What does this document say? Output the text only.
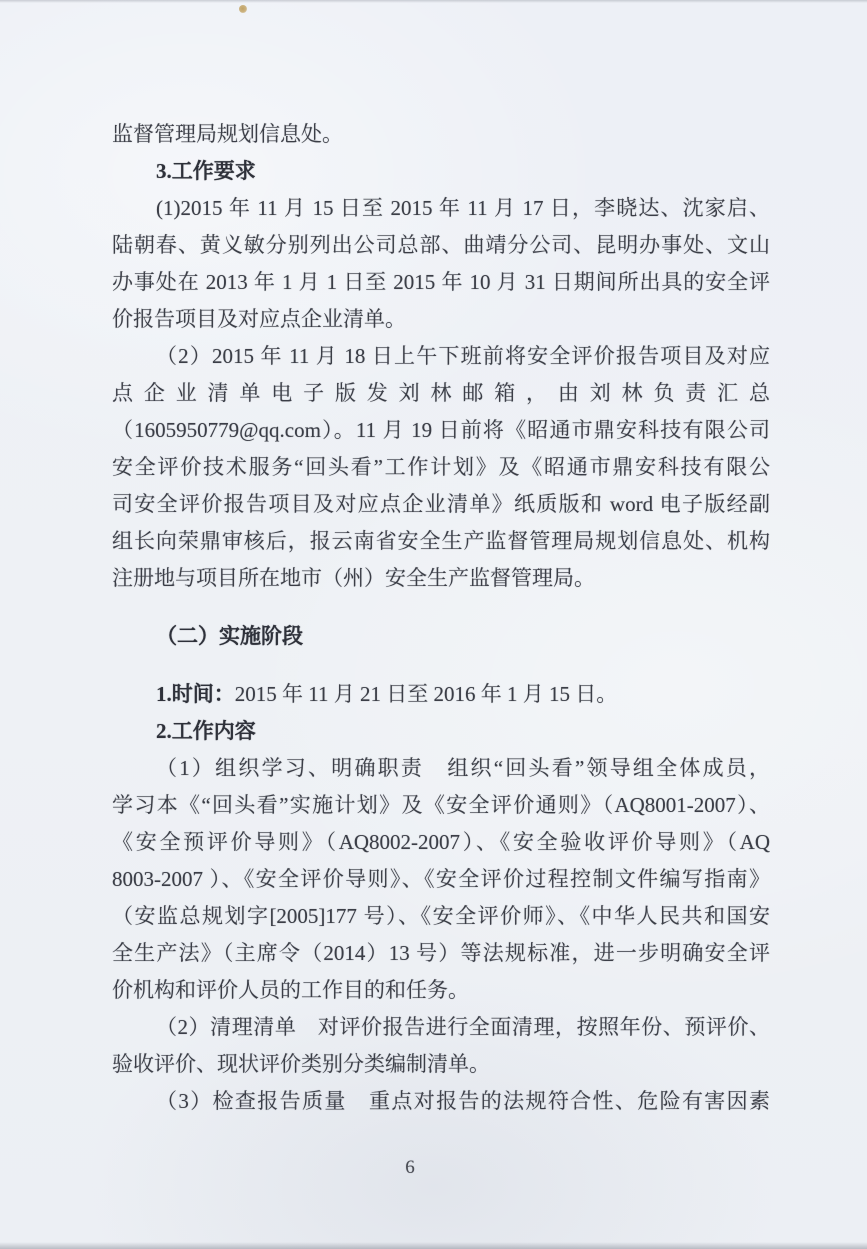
监督管理局规划信息处。
3.工作要求
(1)2015 年 11 月 15 日至 2015 年 11 月 17 日，李晓达、沈家启、
陆朝春、黄义敏分别列出公司总部、曲靖分公司、昆明办事处、文山
办事处在 2013 年 1 月 1 日至 2015 年 10 月 31 日期间所出具的安全评
价报告项目及对应点企业清单。
（2）2015 年 11 月 18 日上午下班前将安全评价报告项目及对应
点企业清单电子版发刘林邮箱，由刘林负责汇总
（1605950779@qq.com）。11 月 19 日前将《昭通市鼎安科技有限公司
安全评价技术服务“回头看”工作计划》及《昭通市鼎安科技有限公
司安全评价报告项目及对应点企业清单》纸质版和 word 电子版经副
组长向荣鼎审核后，报云南省安全生产监督管理局规划信息处、机构
注册地与项目所在地市（州）安全生产监督管理局。
（二）实施阶段
1.时间：2015 年 11 月 21 日至 2016 年 1 月 15 日。
2.工作内容
（1）组织学习、明确职责　组织“回头看”领导组全体成员，
学习本《“回头看”实施计划》及《安全评价通则》（AQ8001-2007）、
《安全预评价导则》（AQ8002-2007）、《安全验收评价导则》（AQ
8003-2007 ）、《安全评价导则》、《安全评价过程控制文件编写指南》
（安监总规划字[2005]177 号）、《安全评价师》、《中华人民共和国安
全生产法》（主席令（2014）13 号）等法规标准，进一步明确安全评
价机构和评价人员的工作目的和任务。
（2）清理清单　对评价报告进行全面清理，按照年份、预评价、
验收评价、现状评价类别分类编制清单。
（3）检查报告质量　重点对报告的法规符合性、危险有害因素
6
